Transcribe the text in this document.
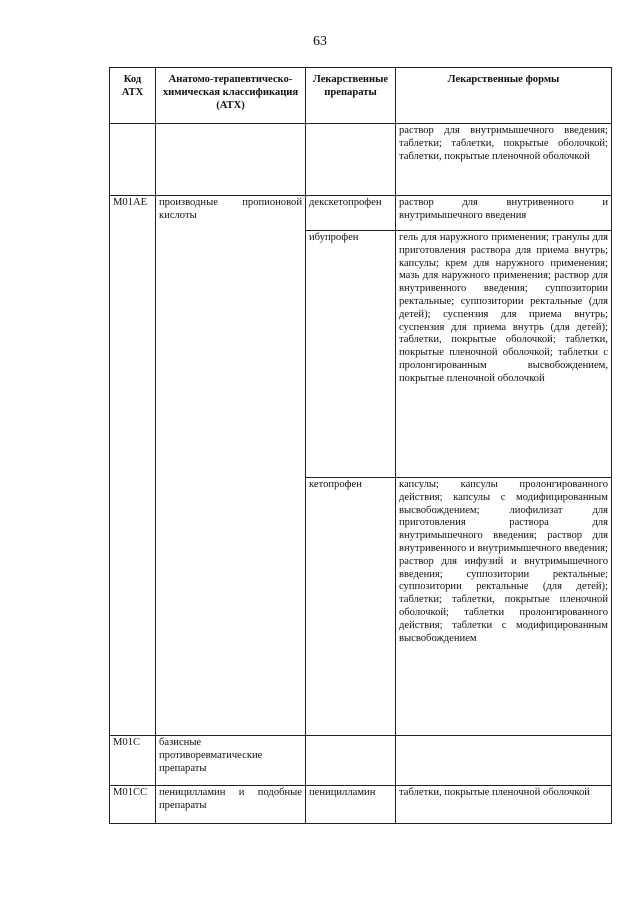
63
Код АТХ	Анатомо-терапевтическо-химическая классификация (АТХ)	Лекарственные препараты	Лекарственные формы
			раствор для внутримышечного введения; таблетки; таблетки, покрытые оболочкой; таблетки, покрытые пленочной оболочкой
M01AE	производные пропионовой кислоты	декскетопрофен	раствор для внутривенного и внутримышечного введения
		ибупрофен	гель для наружного применения; гранулы для приготовления раствора для приема внутрь; капсулы; крем для наружного применения; мазь для наружного применения; раствор для внутривенного введения; суппозитории ректальные; суппозитории ректальные (для детей); суспензия для приема внутрь; суспензия для приема внутрь (для детей); таблетки, покрытые оболочкой; таблетки, покрытые пленочной оболочкой; таблетки с пролонгированным высвобождением, покрытые пленочной оболочкой
		кетопрофен	капсулы; капсулы пролонгированного действия; капсулы с модифицированным высвобождением; лиофилизат для приготовления раствора для внутримышечного введения; раствор для внутривенного и внутримышечного введения; раствор для инфузий и внутримышечного введения; суппозитории ректальные; суппозитории ректальные (для детей); таблетки; таблетки, покрытые пленочной оболочкой; таблетки пролонгированного действия; таблетки с модифицированным высвобождением
M01C	базисные противоревматические препараты		
M01CC	пеницилламин и подобные препараты	пеницилламин	таблетки, покрытые пленочной оболочкой
